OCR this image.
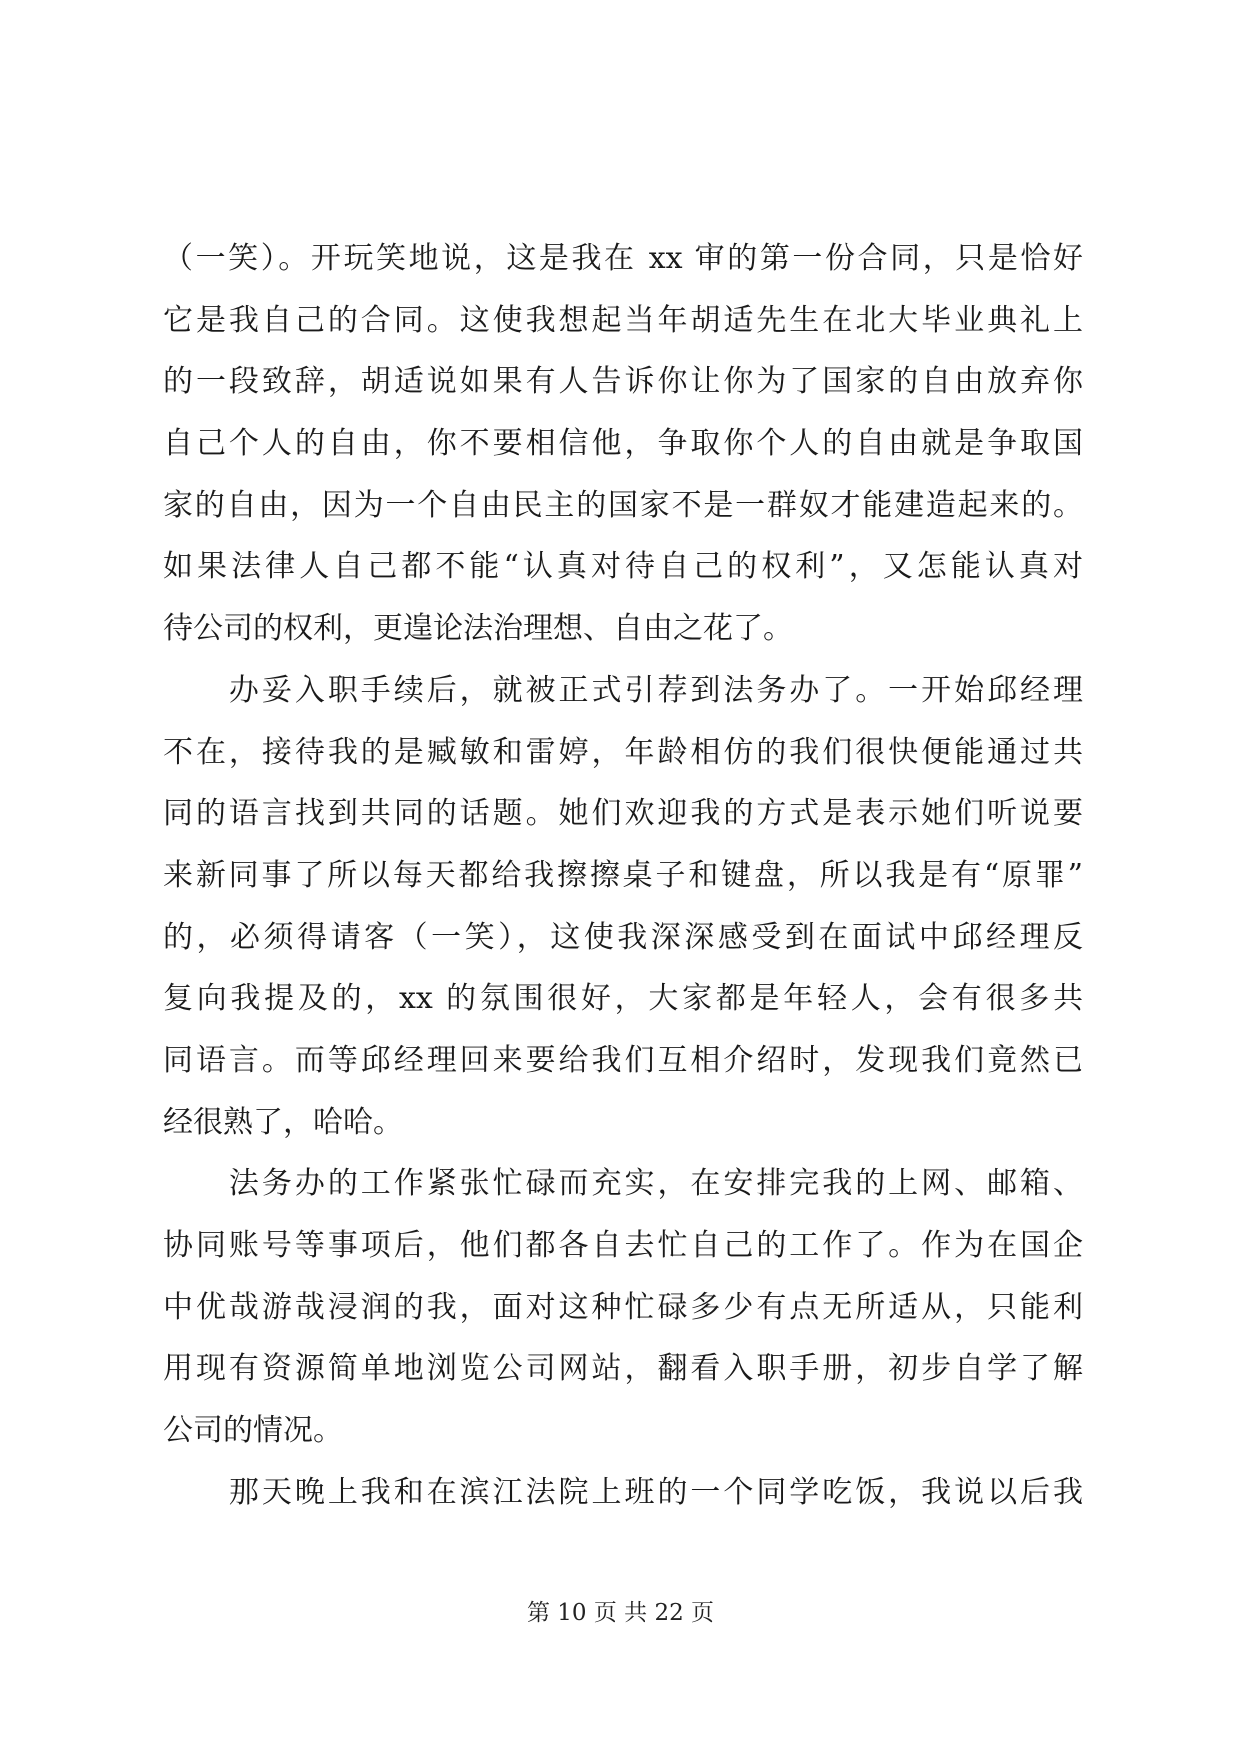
（一笑）。开玩笑地说，这是我在 xx 审的第一份合同，只是恰好
它是我自己的合同。这使我想起当年胡适先生在北大毕业典礼上
的一段致辞，胡适说如果有人告诉你让你为了国家的自由放弃你
自己个人的自由，你不要相信他，争取你个人的自由就是争取国
家的自由，因为一个自由民主的国家不是一群奴才能建造起来的。
如果法律人自己都不能“认真对待自己的权利”，又怎能认真对
待公司的权利，更遑论法治理想、自由之花了。
　　办妥入职手续后，就被正式引荐到法务办了。一开始邱经理
不在，接待我的是臧敏和雷婷，年龄相仿的我们很快便能通过共
同的语言找到共同的话题。她们欢迎我的方式是表示她们听说要
来新同事了所以每天都给我擦擦桌子和键盘，所以我是有“原罪”
的，必须得请客（一笑），这使我深深感受到在面试中邱经理反
复向我提及的，xx 的氛围很好，大家都是年轻人，会有很多共
同语言。而等邱经理回来要给我们互相介绍时，发现我们竟然已
经很熟了，哈哈。
　　法务办的工作紧张忙碌而充实，在安排完我的上网、邮箱、
协同账号等事项后，他们都各自去忙自己的工作了。作为在国企
中优哉游哉浸润的我，面对这种忙碌多少有点无所适从，只能利
用现有资源简单地浏览公司网站，翻看入职手册，初步自学了解
公司的情况。
　　那天晚上我和在滨江法院上班的一个同学吃饭，我说以后我
第 10 页 共 22 页
